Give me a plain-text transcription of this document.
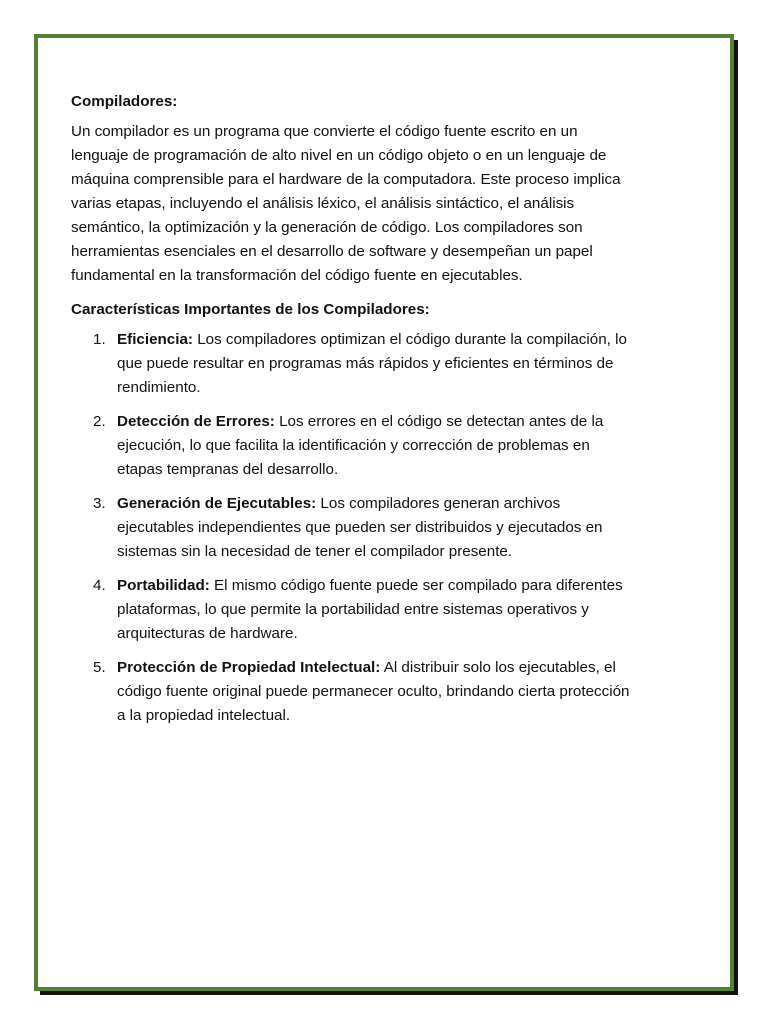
Compiladores:

Un compilador es un programa que convierte el código fuente escrito en un lenguaje de programación de alto nivel en un código objeto o en un lenguaje de máquina comprensible para el hardware de la computadora. Este proceso implica varias etapas, incluyendo el análisis léxico, el análisis sintáctico, el análisis semántico, la optimización y la generación de código. Los compiladores son herramientas esenciales en el desarrollo de software y desempeñan un papel fundamental en la transformación del código fuente en ejecutables.

Características Importantes de los Compiladores:
1. Eficiencia: Los compiladores optimizan el código durante la compilación, lo que puede resultar en programas más rápidos y eficientes en términos de rendimiento.
2. Detección de Errores: Los errores en el código se detectan antes de la ejecución, lo que facilita la identificación y corrección de problemas en etapas tempranas del desarrollo.
3. Generación de Ejecutables: Los compiladores generan archivos ejecutables independientes que pueden ser distribuidos y ejecutados en sistemas sin la necesidad de tener el compilador presente.
4. Portabilidad: El mismo código fuente puede ser compilado para diferentes plataformas, lo que permite la portabilidad entre sistemas operativos y arquitecturas de hardware.
5. Protección de Propiedad Intelectual: Al distribuir solo los ejecutables, el código fuente original puede permanecer oculto, brindando cierta protección a la propiedad intelectual.
